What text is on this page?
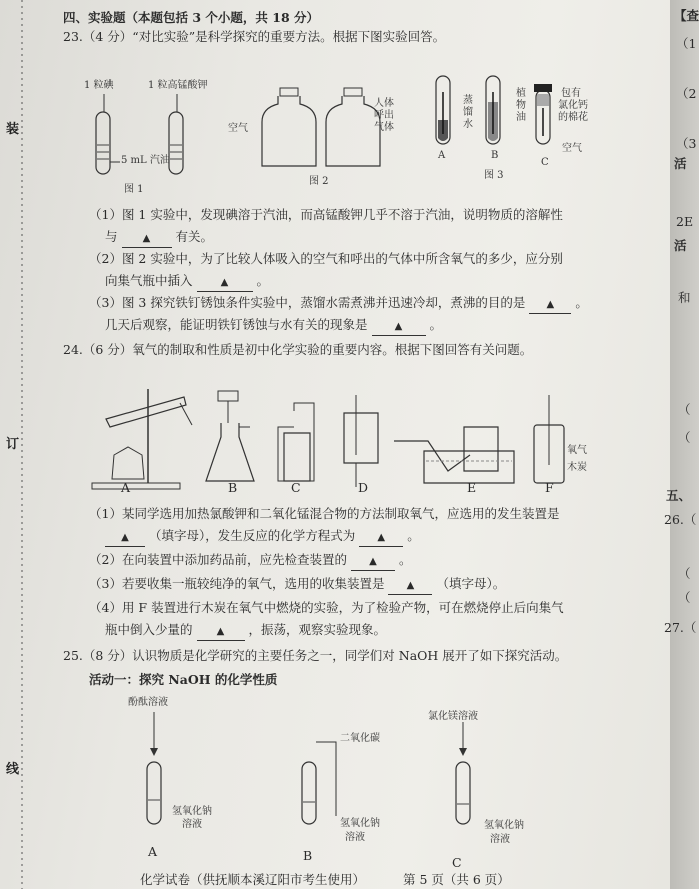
装
订
线
四、实验题（本题包括 3 个小题，共 18 分）
23.（4 分）“对比实验”是科学探究的重要方法。根据下图实验回答。
1 粒碘	1 粒高锰酸钾
5 mL 汽油
图 1
空气
人体
呼出
气体
图 2
蒸
馏
水
植
物
油
包有
氯化钙
的棉花
空气
A	B
C
图 3
（1）图 1 实验中，发现碘溶于汽油，而高锰酸钾几乎不溶于汽油，说明物质的溶解性
与	▲ 有关。
（2）图 2 实验中，为了比较人体吸入的空气和呼出的气体中所含氧气的多少，应分别
向集气瓶中插入	▲ 。
（3）图 3 探究铁钉锈蚀条件实验中，蒸馏水需煮沸并迅速冷却，煮沸的目的是 ▲ 。
几天后观察，能证明铁钉锈蚀与水有关的现象是	▲ 。
24.（6 分）氧气的制取和性质是初中化学实验的重要内容。根据下图回答有关问题。
A	B	C	D	E	F
氧气
木炭
（1）某同学选用加热氯酸钾和二氧化锰混合物的方法制取氧气，应选用的发生装置是
▲ （填字母），发生反应的化学方程式为 ▲ 。
（2）在向装置中添加药品前，应先检查装置的 ▲ 。
（3）若要收集一瓶较纯净的氧气，选用的收集装置是 ▲ （填字母）。
（4）用 F 装置进行木炭在氧气中燃烧的实验，为了检验产物，可在燃烧停止后向集气
瓶中倒入少量的 ▲ ，振荡，观察实验现象。
25.（8 分）认识物质是化学研究的主要任务之一，同学们对 NaOH 展开了如下探究活动。
活动一：探究 NaOH 的化学性质
酚酞溶液
二氧化碳
氯化镁溶液
氢氧化钠
溶液	氢氧化钠
溶液
氢氧化钠
溶液
A	B	C
化学试卷（供抚顺本溪辽阳市考生使用）	第 5 页（共 6 页）
【查
（1
（2
（3
活
2E
活
和
（
（
五、
26.（
（
（
27.（
